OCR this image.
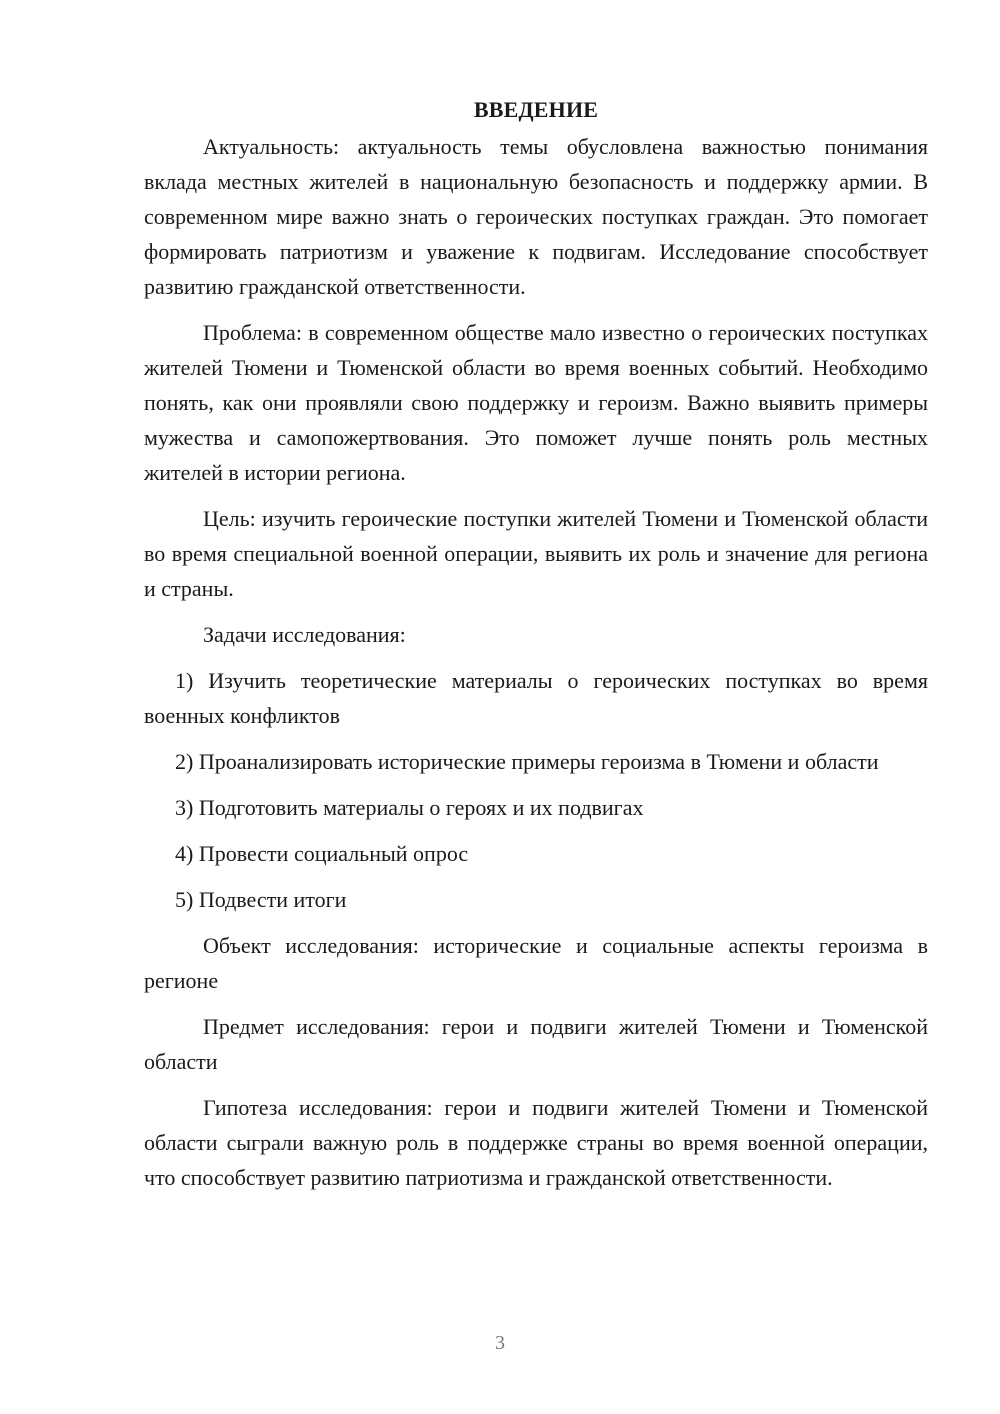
ВВЕДЕНИЕ

Актуальность: актуальность темы обусловлена важностью понимания вклада местных жителей в национальную безопасность и поддержку армии. В современном мире важно знать о героических поступках граждан. Это помогает формировать патриотизм и уважение к подвигам. Исследование способствует развитию гражданской ответственности.

Проблема: в современном обществе мало известно о героических поступках жителей Тюмени и Тюменской области во время военных событий. Необходимо понять, как они проявляли свою поддержку и героизм. Важно выявить примеры мужества и самопожертвования. Это поможет лучше понять роль местных жителей в истории региона.

Цель: изучить героические поступки жителей Тюмени и Тюменской области во время специальной военной операции, выявить их роль и значение для региона и страны.

Задачи исследования:

1) Изучить теоретические материалы о героических поступках во время военных конфликтов

2) Проанализировать исторические примеры героизма в Тюмени и области

3) Подготовить материалы о героях и их подвигах

4) Провести социальный опрос

5) Подвести итоги

Объект исследования: исторические и социальные аспекты героизма в регионе

Предмет исследования: герои и подвиги жителей Тюмени и Тюменской области

Гипотеза исследования: герои и подвиги жителей Тюмени и Тюменской области сыграли важную роль в поддержке страны во время военной операции, что способствует развитию патриотизма и гражданской ответственности.

3
